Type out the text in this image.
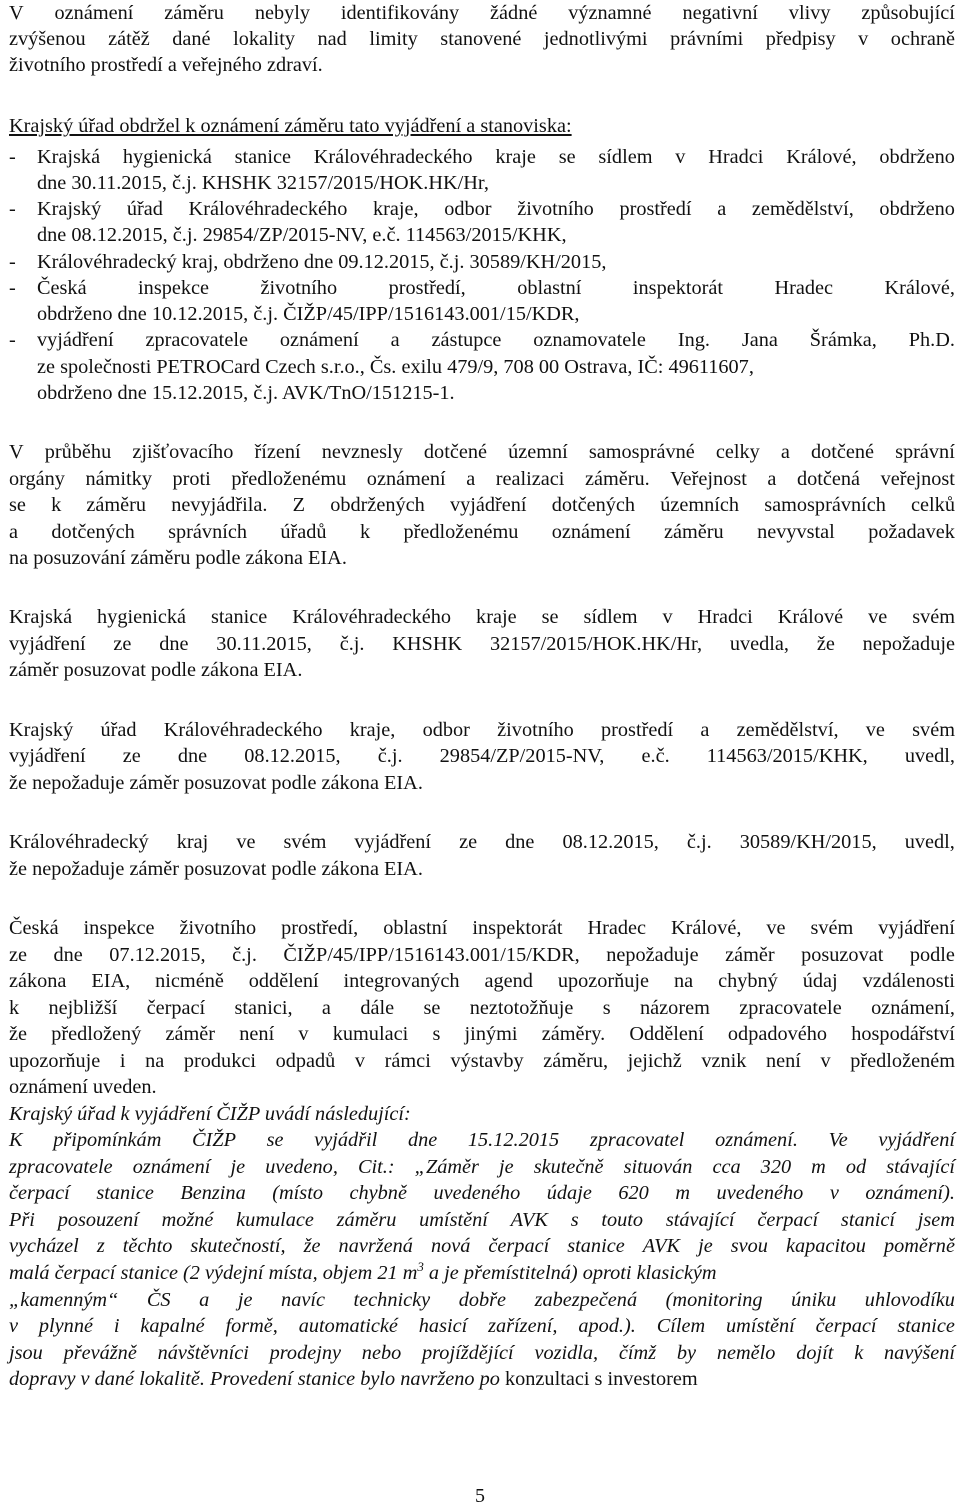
V oznámení záměru nebyly identifikovány žádné významné negativní vlivy způsobující
zvýšenou zátěž dané lokality nad limity stanovené jednotlivými právními předpisy v ochraně
životního prostředí a veřejného zdraví.
Krajský úřad obdržel k oznámení záměru tato vyjádření a stanoviska:
- Krajská hygienická stanice Královéhradeckého kraje se sídlem v Hradci Králové, obdrženo
dne 30.11.2015, č.j. KHSHK 32157/2015/HOK.HK/Hr,
- Krajský úřad Královéhradeckého kraje, odbor životního prostředí a zemědělství, obdrženo
dne 08.12.2015, č.j. 29854/ZP/2015-NV, e.č. 114563/2015/KHK,
- Královéhradecký kraj, obdrženo dne 09.12.2015, č.j. 30589/KH/2015,
- Česká	inspekce	životního	prostředí,	oblastní	inspektorát	Hradec	Králové,
obdrženo dne 10.12.2015, č.j. ČIŽP/45/IPP/1516143.001/15/KDR,
- vyjádření zpracovatele oznámení a zástupce oznamovatele Ing. Jana Šrámka, Ph.D.
ze společnosti PETROCard Czech s.r.o., Čs. exilu 479/9, 708 00 Ostrava, IČ: 49611607,
obdrženo dne 15.12.2015, č.j. AVK/TnO/151215-1.
V průběhu zjišťovacího řízení nevznesly dotčené územní samosprávné celky a dotčené správní
orgány námitky proti předloženému oznámení a realizaci záměru. Veřejnost a dotčená veřejnost
se k záměru nevyjádřila. Z obdržených vyjádření dotčených územních samosprávních celků
a dotčených správních úřadů k předloženému oznámení záměru nevyvstal požadavek
na posuzování záměru podle zákona EIA.
Krajská hygienická stanice Královéhradeckého kraje se sídlem v Hradci Králové ve svém
vyjádření ze dne 30.11.2015, č.j. KHSHK 32157/2015/HOK.HK/Hr, uvedla, že nepožaduje
záměr posuzovat podle zákona EIA.
Krajský úřad Královéhradeckého kraje, odbor životního prostředí a zemědělství, ve svém
vyjádření ze dne 08.12.2015, č.j. 29854/ZP/2015-NV, e.č. 114563/2015/KHK, uvedl,
že nepožaduje záměr posuzovat podle zákona EIA.
Královéhradecký kraj ve svém vyjádření ze dne 08.12.2015, č.j. 30589/KH/2015, uvedl,
že nepožaduje záměr posuzovat podle zákona EIA.
Česká inspekce životního prostředí, oblastní inspektorát Hradec Králové, ve svém vyjádření
ze dne 07.12.2015, č.j. ČIŽP/45/IPP/1516143.001/15/KDR, nepožaduje záměr posuzovat podle
zákona EIA, nicméně oddělení integrovaných agend upozorňuje na chybný údaj vzdálenosti
k nejbližší čerpací stanici, a dále se neztotožňuje s názorem zpracovatele oznámení,
že předložený záměr není v kumulaci s jinými záměry. Oddělení odpadového hospodářství
upozorňuje i na produkci odpadů v rámci výstavby záměru, jejichž vznik není v předloženém
oznámení uveden.
Krajský úřad k vyjádření ČIŽP uvádí následující:
K připomínkám ČIŽP se vyjádřil dne 15.12.2015 zpracovatel oznámení. Ve vyjádření
zpracovatele oznámení je uvedeno, Cit.: „Záměr je skutečně situován cca 320 m od stávající
čerpací stanice Benzina (místo chybně uvedeného údaje 620 m uvedeného v oznámení).
Při posouzení možné kumulace záměru umístění AVK s touto stávající čerpací stanicí jsem
vycházel z těchto skutečností, že navržená nová čerpací stanice AVK je svou kapacitou poměrně
malá čerpací stanice (2 výdejní místa, objem 21 $m^3$ a je přemístitelná) oproti klasickým
„kamenným“ ČS a je navíc technicky dobře zabezpečená (monitoring úniku uhlovodíku
v plynné i kapalné formě, automatické hasicí zařízení, apod.). Cílem umístění čerpací stanice
jsou převážně návštěvníci prodejny nebo projíždějící vozidla, čímž by nemělo dojít k navýšení
dopravy v dané lokalitě. Provedení stanice bylo navrženo po konzultaci s investorem
5
